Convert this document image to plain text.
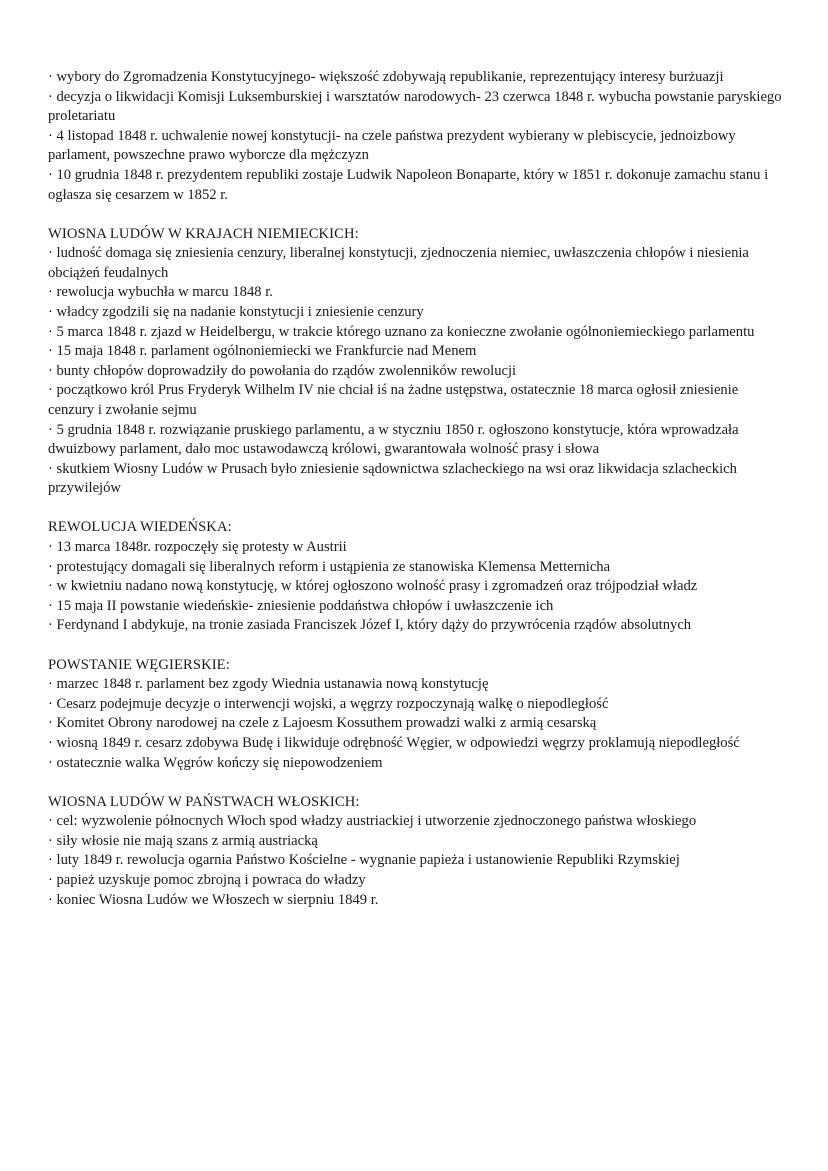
· wybory do Zgromadzenia Konstytucyjnego- większość zdobywają republikanie, reprezentujący interesy burżuazji

· decyzja o likwidacji Komisji Luksemburskiej i warsztatów narodowych- 23 czerwca 1848 r. wybucha powstanie paryskiego proletariatu

· 4 listopad 1848 r. uchwalenie nowej konstytucji- na czele państwa prezydent wybierany w plebiscycie, jednoizbowy parlament, powszechne prawo wyborcze dla mężczyzn

· 10 grudnia 1848 r. prezydentem republiki zostaje Ludwik Napoleon Bonaparte, który w 1851 r. dokonuje zamachu stanu i ogłasza się cesarzem w 1852 r.

WIOSNA LUDÓW W KRAJACH NIEMIECKICH:

· ludność domaga się zniesienia cenzury, liberalnej konstytucji, zjednoczenia niemiec, uwłaszczenia chłopów i niesienia obciążeń feudalnych

· rewolucja wybuchła w marcu 1848 r.

· władcy zgodzili się na nadanie konstytucji i zniesienie cenzury

· 5 marca 1848 r. zjazd w Heidelbergu, w trakcie którego uznano za konieczne zwołanie ogólnoniemieckiego parlamentu

· 15 maja 1848 r. parlament ogólnoniemiecki we Frankfurcie nad Menem

· bunty chłopów doprowadziły do powołania do rządów zwolenników rewolucji

· początkowo król Prus Fryderyk Wilhelm IV nie chciał iś na żadne ustępstwa, ostatecznie 18 marca ogłosił zniesienie cenzury i zwołanie sejmu

· 5 grudnia 1848 r. rozwiązanie pruskiego parlamentu, a w styczniu 1850 r. ogłoszono konstytucje, która wprowadzała dwuizbowy parlament, dało moc ustawodawczą królowi, gwarantowała wolność prasy i słowa

· skutkiem Wiosny Ludów w Prusach było zniesienie sądownictwa szlacheckiego na wsi oraz likwidacja szlacheckich przywilejów

REWOLUCJA WIEDEŃSKA:

· 13 marca 1848r. rozpoczęły się protesty w Austrii

· protestujący domagali się liberalnych reform i ustąpienia ze stanowiska Klemensa Metternicha

· w kwietniu nadano nową konstytucję, w której ogłoszono wolność prasy i zgromadzeń oraz trójpodział władz

· 15 maja II powstanie wiedeńskie- zniesienie poddaństwa chłopów i uwłaszczenie ich

· Ferdynand I abdykuje, na tronie zasiada Franciszek Józef I, który dąży do przywrócenia rządów absolutnych

POWSTANIE WĘGIERSKIE:

· marzec 1848 r. parlament bez zgody Wiednia ustanawia nową konstytucję

· Cesarz podejmuje decyzje o interwencji wojski, a węgrzy rozpoczynają walkę o niepodległość

· Komitet Obrony narodowej na czele z Lajoesm Kossuthem prowadzi walki z armią cesarską

· wiosną 1849 r. cesarz zdobywa Budę i likwiduje odrębność Węgier, w odpowiedzi węgrzy proklamują niepodległość

· ostatecznie walka Węgrów kończy się niepowodzeniem

WIOSNA LUDÓW W PAŃSTWACH WŁOSKICH:

· cel: wyzwolenie północnych Włoch spod władzy austriackiej i utworzenie zjednoczonego państwa włoskiego

· siły włosie nie mają szans z armią austriacką

· luty 1849 r. rewolucja ogarnia Państwo Kościelne - wygnanie papieża i ustanowienie Republiki Rzymskiej

· papież uzyskuje pomoc zbrojną i powraca do władzy

· koniec Wiosna Ludów we Włoszech w sierpniu 1849 r.
